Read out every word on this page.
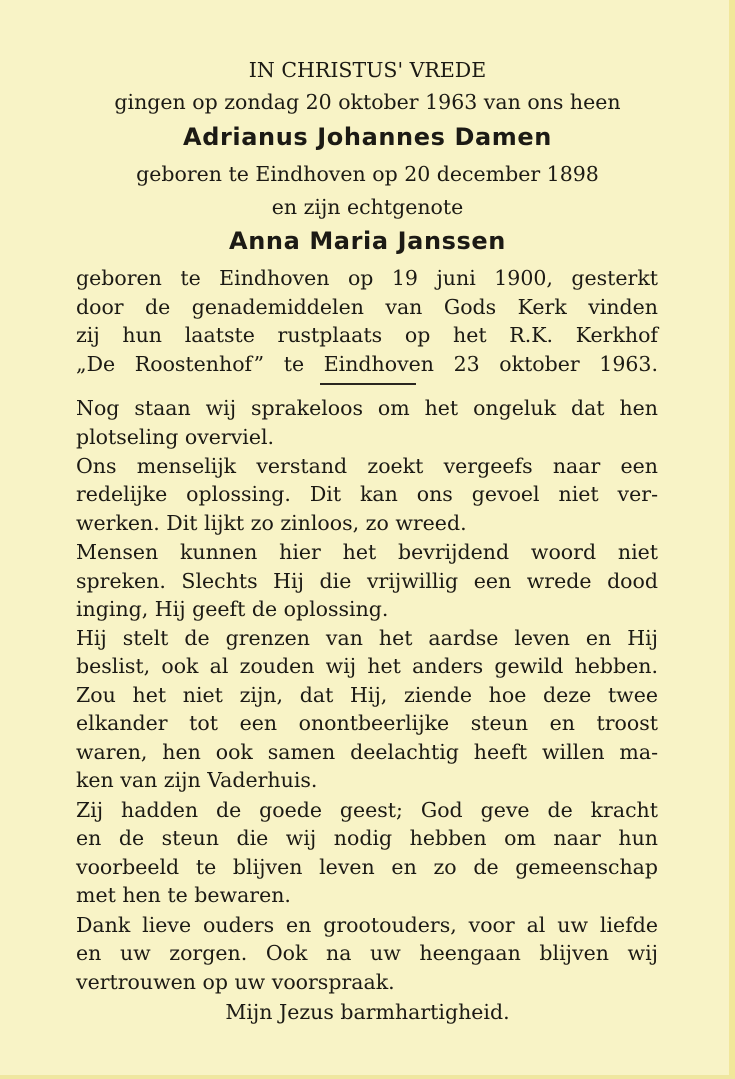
IN CHRISTUS' VREDE
gingen op zondag 20 oktober 1963 van ons heen
Adrianus Johannes Damen
geboren te Eindhoven op 20 december 1898
en zijn echtgenote
Anna Maria Janssen
geboren te Eindhoven op 19 juni 1900, gesterkt
door de genademiddelen van Gods Kerk vinden
zij hun laatste rustplaats op het R.K. Kerkhof
„De Roostenhof” te Eindhoven 23 oktober 1963.
Nog staan wij sprakeloos om het ongeluk dat hen
plotseling overviel.
Ons menselijk verstand zoekt vergeefs naar een
redelijke oplossing. Dit kan ons gevoel niet ver-
werken. Dit lijkt zo zinloos, zo wreed.
Mensen kunnen hier het bevrijdend woord niet
spreken. Slechts Hij die vrijwillig een wrede dood
inging, Hij geeft de oplossing.
Hij stelt de grenzen van het aardse leven en Hij
beslist, ook al zouden wij het anders gewild hebben.
Zou het niet zijn, dat Hij, ziende hoe deze twee
elkander tot een onontbeerlijke steun en troost
waren, hen ook samen deelachtig heeft willen ma-
ken van zijn Vaderhuis.
Zij hadden de goede geest; God geve de kracht
en de steun die wij nodig hebben om naar hun
voorbeeld te blijven leven en zo de gemeenschap
met hen te bewaren.
Dank lieve ouders en grootouders, voor al uw liefde
en uw zorgen. Ook na uw heengaan blijven wij
vertrouwen op uw voorspraak.
Mijn Jezus barmhartigheid.
